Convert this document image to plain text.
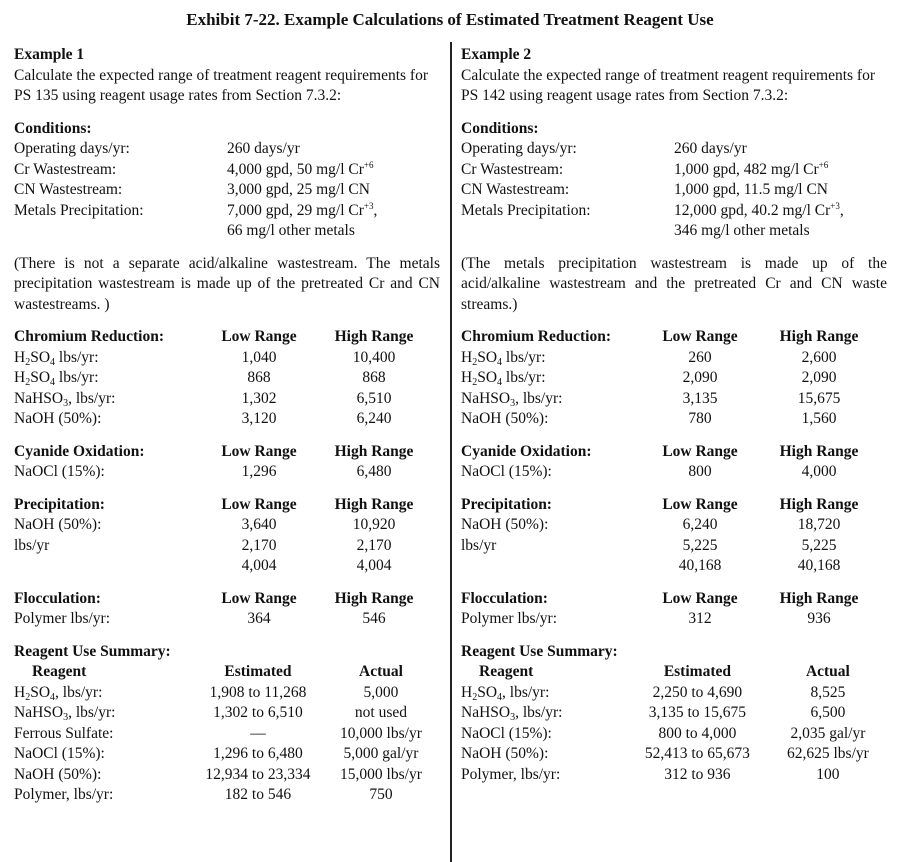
Exhibit 7-22. Example Calculations of Estimated Treatment Reagent Use
Example 1
Calculate the expected range of treatment reagent requirements for PS 135 using reagent usage rates from Section 7.3.2:
Conditions:
Operating days/yr:	260 days/yr
Cr Wastestream:	4,000 gpd, 50 mg/l $Cr^{+6}$
CN Wastestream:	3,000 gpd, 25 mg/l CN
Metals Precipitation:	7,000 gpd, 29 mg/l $Cr^{+3}$,
66 mg/l other metals
(There is not a separate acid/alkaline wastestream. The metals precipitation wastestream is made up of the pretreated Cr and CN wastestreams. )
Chromium Reduction:	Low Range	High Range
$H_2SO_4$ lbs/yr:	1,040	10,400
$H_2SO_4$ lbs/yr:	868	868
NaHSO$_3$, lbs/yr:	1,302	6,510
NaOH (50%):	3,120	6,240
Cyanide Oxidation:	Low Range	High Range
NaOCl (15%):	1,296	6,480
Precipitation:	Low Range	High Range
NaOH (50%):	3,640	10,920
lbs/yr	2,170	2,170
4,004	4,004
Flocculation:	Low Range	High Range
Polymer lbs/yr:	364	546
Reagent Use Summary:
Reagent	Estimated	Actual
$H_2SO_4$, lbs/yr:	1,908 to 11,268	5,000
NaHSO$_3$, lbs/yr:	1,302 to 6,510	not used
Ferrous Sulfate:	—	10,000 lbs/yr
NaOCl (15%):	1,296 to 6,480	5,000 gal/yr
NaOH (50%):	12,934 to 23,334	15,000 lbs/yr
Polymer, lbs/yr:	182 to 546	750
Example 2
Calculate the expected range of treatment reagent requirements for PS 142 using reagent usage rates from Section 7.3.2:
Conditions:
Operating days/yr:	260 days/yr
Cr Wastestream:	1,000 gpd, 482 mg/l $Cr^{+6}$
CN Wastestream:	1,000 gpd, 11.5 mg/l CN
Metals Precipitation:	12,000 gpd, 40.2 mg/l $Cr^{+3}$,
346 mg/l other metals
(The metals precipitation wastestream is made up of the acid/alkaline wastestream and the pretreated Cr and CN waste streams.)
Chromium Reduction:	Low Range	High Range
$H_2SO_4$ lbs/yr:	260	2,600
$H_2SO_4$ lbs/yr:	2,090	2,090
NaHSO$_3$, lbs/yr:	3,135	15,675
NaOH (50%):	780	1,560
Cyanide Oxidation:	Low Range	High Range
NaOCl (15%):	800	4,000
Precipitation:	Low Range	High Range
NaOH (50%):	6,240	18,720
lbs/yr	5,225	5,225
40,168	40,168
Flocculation:	Low Range	High Range
Polymer lbs/yr:	312	936
Reagent Use Summary:
Reagent	Estimated	Actual
$H_2SO_4$, lbs/yr:	2,250 to 4,690	8,525
NaHSO$_3$, lbs/yr:	3,135 to 15,675	6,500
NaOCl (15%):	800 to 4,000	2,035 gal/yr
NaOH (50%):	52,413 to 65,673	62,625 lbs/yr
Polymer, lbs/yr:	312 to 936	100
